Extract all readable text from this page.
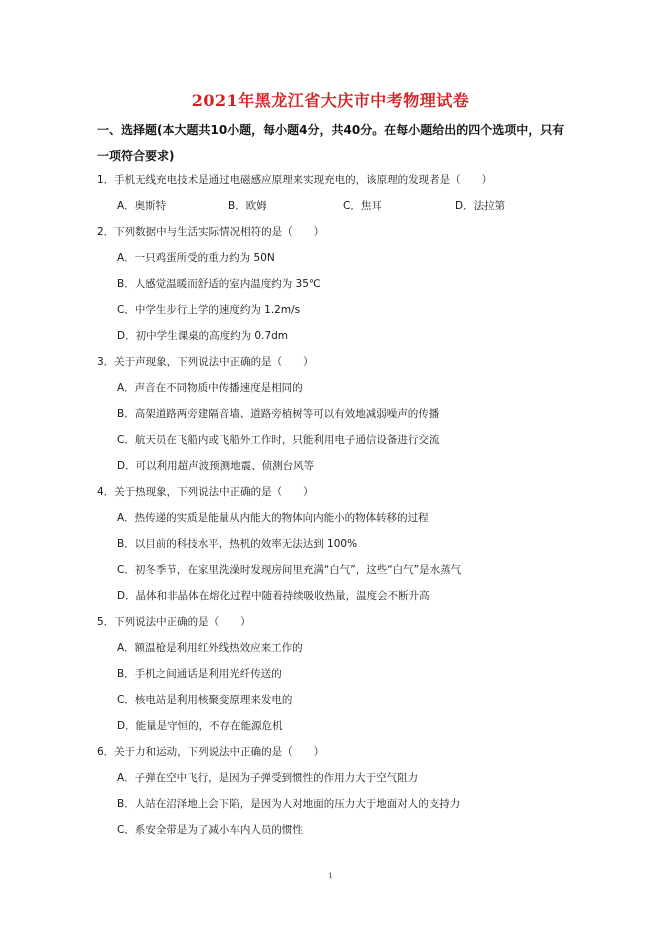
2021年黑龙江省大庆市中考物理试卷
一、选择题(本大题共10小题，每小题4分，共40分。在每小题给出的四个选项中，只有
一项符合要求)
1．手机无线充电技术是通过电磁感应原理来实现充电的，该原理的发现者是（　　）
A．奥斯特	B．欧姆	C．焦耳	D．法拉第
2．下列数据中与生活实际情况相符的是（　　）
A．一只鸡蛋所受的重力约为 50N
B．人感觉温暖而舒适的室内温度约为 35℃
C．中学生步行上学的速度约为 1.2m/s
D．初中学生课桌的高度约为 0.7dm
3．关于声现象，下列说法中正确的是（　　）
A．声音在不同物质中传播速度是相同的
B．高架道路两旁建隔音墙、道路旁植树等可以有效地减弱噪声的传播
C．航天员在飞船内或飞船外工作时，只能利用电子通信设备进行交流
D．可以利用超声波预测地震、侦测台风等
4．关于热现象，下列说法中正确的是（　　）
A．热传递的实质是能量从内能大的物体向内能小的物体转移的过程
B．以目前的科技水平，热机的效率无法达到 100%
C．初冬季节，在家里洗澡时发现房间里充满“白气”，这些“白气”是水蒸气
D．晶体和非晶体在熔化过程中随着持续吸收热量，温度会不断升高
5．下列说法中正确的是（　　）
A．额温枪是利用红外线热效应来工作的
B．手机之间通话是利用光纤传送的
C．核电站是利用核聚变原理来发电的
D．能量是守恒的，不存在能源危机
6．关于力和运动，下列说法中正确的是（　　）
A．子弹在空中飞行，是因为子弹受到惯性的作用力大于空气阻力
B．人站在沼泽地上会下陷，是因为人对地面的压力大于地面对人的支持力
C．系安全带是为了减小车内人员的惯性
1
